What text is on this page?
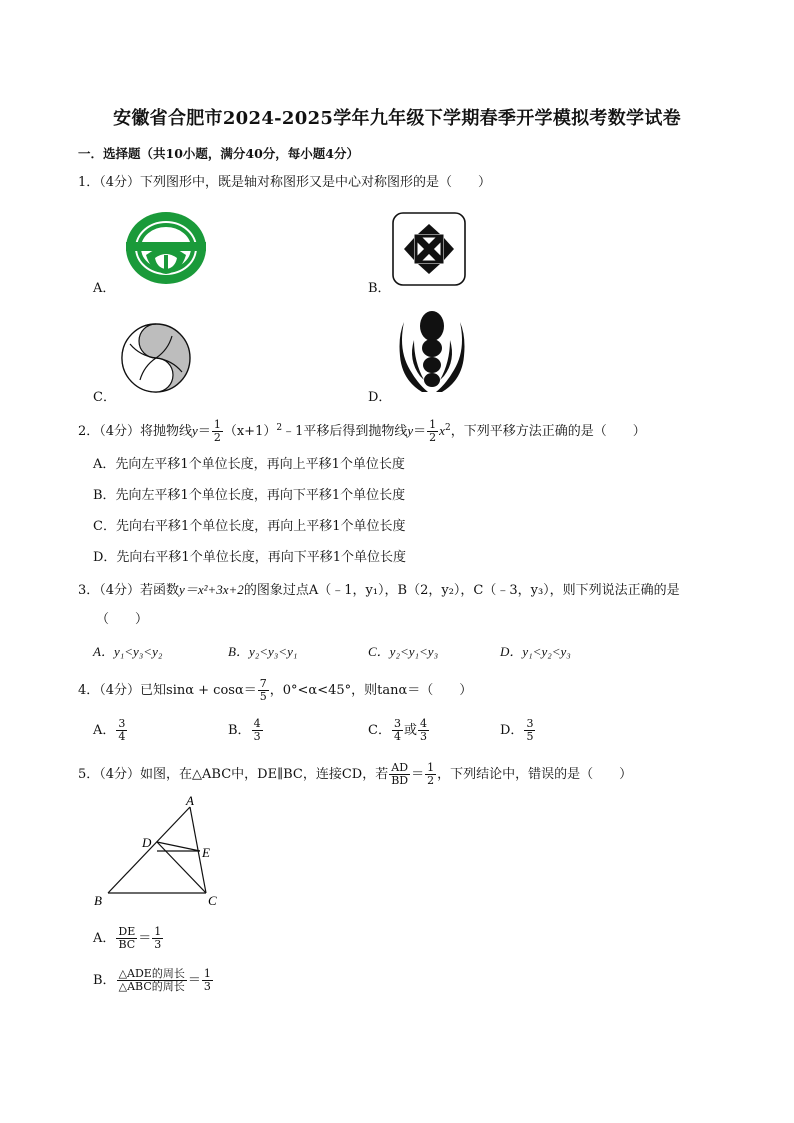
安徽省合肥市2024-2025学年九年级下学期春季开学模拟考数学试卷
一．选择题（共10小题，满分40分，每小题4分）
1．（4分）下列图形中，既是轴对称图形又是中心对称图形的是（　　）
A．	B．
C．	D．
2．（4分）将抛物线$y= \frac{1}{2}$ $(x+1)^2﹣1$平移后得到抛物线$y= \frac{1}{2} x^2$，下列平移方法正确的是（　　）
A．先向左平移1个单位长度，再向上平移1个单位长度
B．先向左平移1个单位长度，再向下平移1个单位长度
C．先向右平移1个单位长度，再向上平移1个单位长度
D．先向右平移1个单位长度，再向下平移1个单位长度
3．（4分）若函数y＝x²+3x+2的图象过点A（﹣1，y₁），B（2，y₂），C（﹣3，y₃），则下列说法正确的是
（　　）
A．y₁<y₃<y₂	B．y₂<y₃<y₁	C．y₂<y₁<y₃	D．y₁<y₂<y₃
4．（4分）已知$\sin\alpha + \cos\alpha= \frac{7}{5}$ ，0°<α<45°，则tanα＝（　　）
A． $\frac{3}{4}$	B． $\frac{4}{3}$	C． $\frac{3}{4}$ 或 $\frac{4}{3}$	D． $\frac{3}{5}$
5．（4分）如图，在△ABC中，DE∥BC，连接CD，若 $\frac{AD}{BD} = \frac{1}{2}$ ，下列结论中，错误的是（　　）
A
B	C
D
E
A． $\frac{DE}{BC} = \frac{1}{3}$
B． $\frac{\text{△ADE的周长}}{\text{△ABC的周长}} = \frac{1}{3}$
